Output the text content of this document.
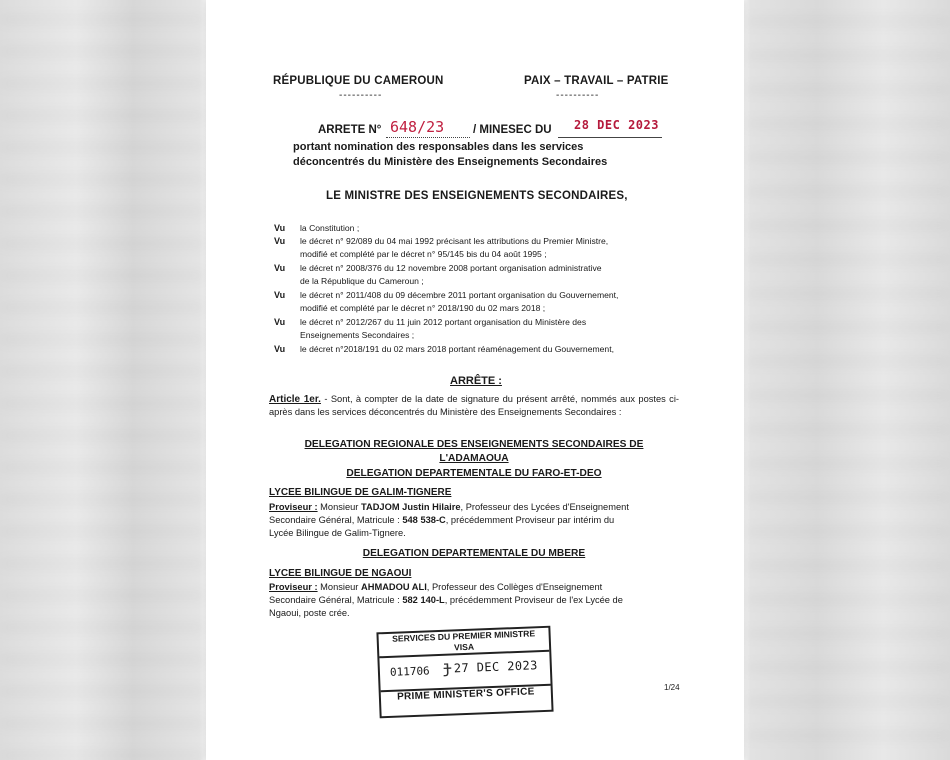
RÉPUBLIQUE DU CAMEROUN
----------
PAIX – TRAVAIL – PATRIE
----------
ARRETE N° 648/23	/ MINESEC DU 28 DEC 2023
portant nomination des responsables dans les services
déconcentrés du Ministère des Enseignements Secondaires
LE MINISTRE DES ENSEIGNEMENTS SECONDAIRES,
Vu la Constitution ;
Vu le décret n° 92/089 du 04 mai 1992 précisant les attributions du Premier Ministre,
modifié et complété par le décret n° 95/145 bis du 04 août 1995 ;
Vu le décret n° 2008/376 du 12 novembre 2008 portant organisation administrative
de la République du Cameroun ;
Vu le décret n° 2011/408 du 09 décembre 2011 portant organisation du Gouvernement,
modifié et complété par le décret n° 2018/190 du 02 mars 2018 ;
Vu le décret n° 2012/267 du 11 juin 2012 portant organisation du Ministère des
Enseignements Secondaires ;
Vu le décret n°2018/191 du 02 mars 2018 portant réaménagement du Gouvernement,
ARRÊTE :
Article 1er. - Sont, à compter de la date de signature du présent arrêté, nommés aux postes ci-après dans les services déconcentrés du Ministère des Enseignements Secondaires :
DELEGATION REGIONALE DES ENSEIGNEMENTS SECONDAIRES DE
L'ADAMAOUA
DELEGATION DEPARTEMENTALE DU FARO-ET-DEO
LYCEE BILINGUE DE GALIM-TIGNERE
Proviseur : Monsieur TADJOM Justin Hilaire, Professeur des Lycées d'Enseignement
Secondaire Général, Matricule : 548 538-C, précédemment Proviseur par intérim du
Lycée Bilingue de Galim-Tignere.
DELEGATION DEPARTEMENTALE DU MBERE
LYCEE BILINGUE DE NGAOUI
Proviseur : Monsieur AHMADOU ALI, Professeur des Collèges d'Enseignement
Secondaire Général, Matricule : 582 140-L, précédemment Proviseur de l'ex Lycée de
Ngaoui, poste crée.
SERVICES DU PREMIER MINISTRE
VISA
011706 ɟ 27 DEC 2023
PRIME MINISTER'S OFFICE	1/24
